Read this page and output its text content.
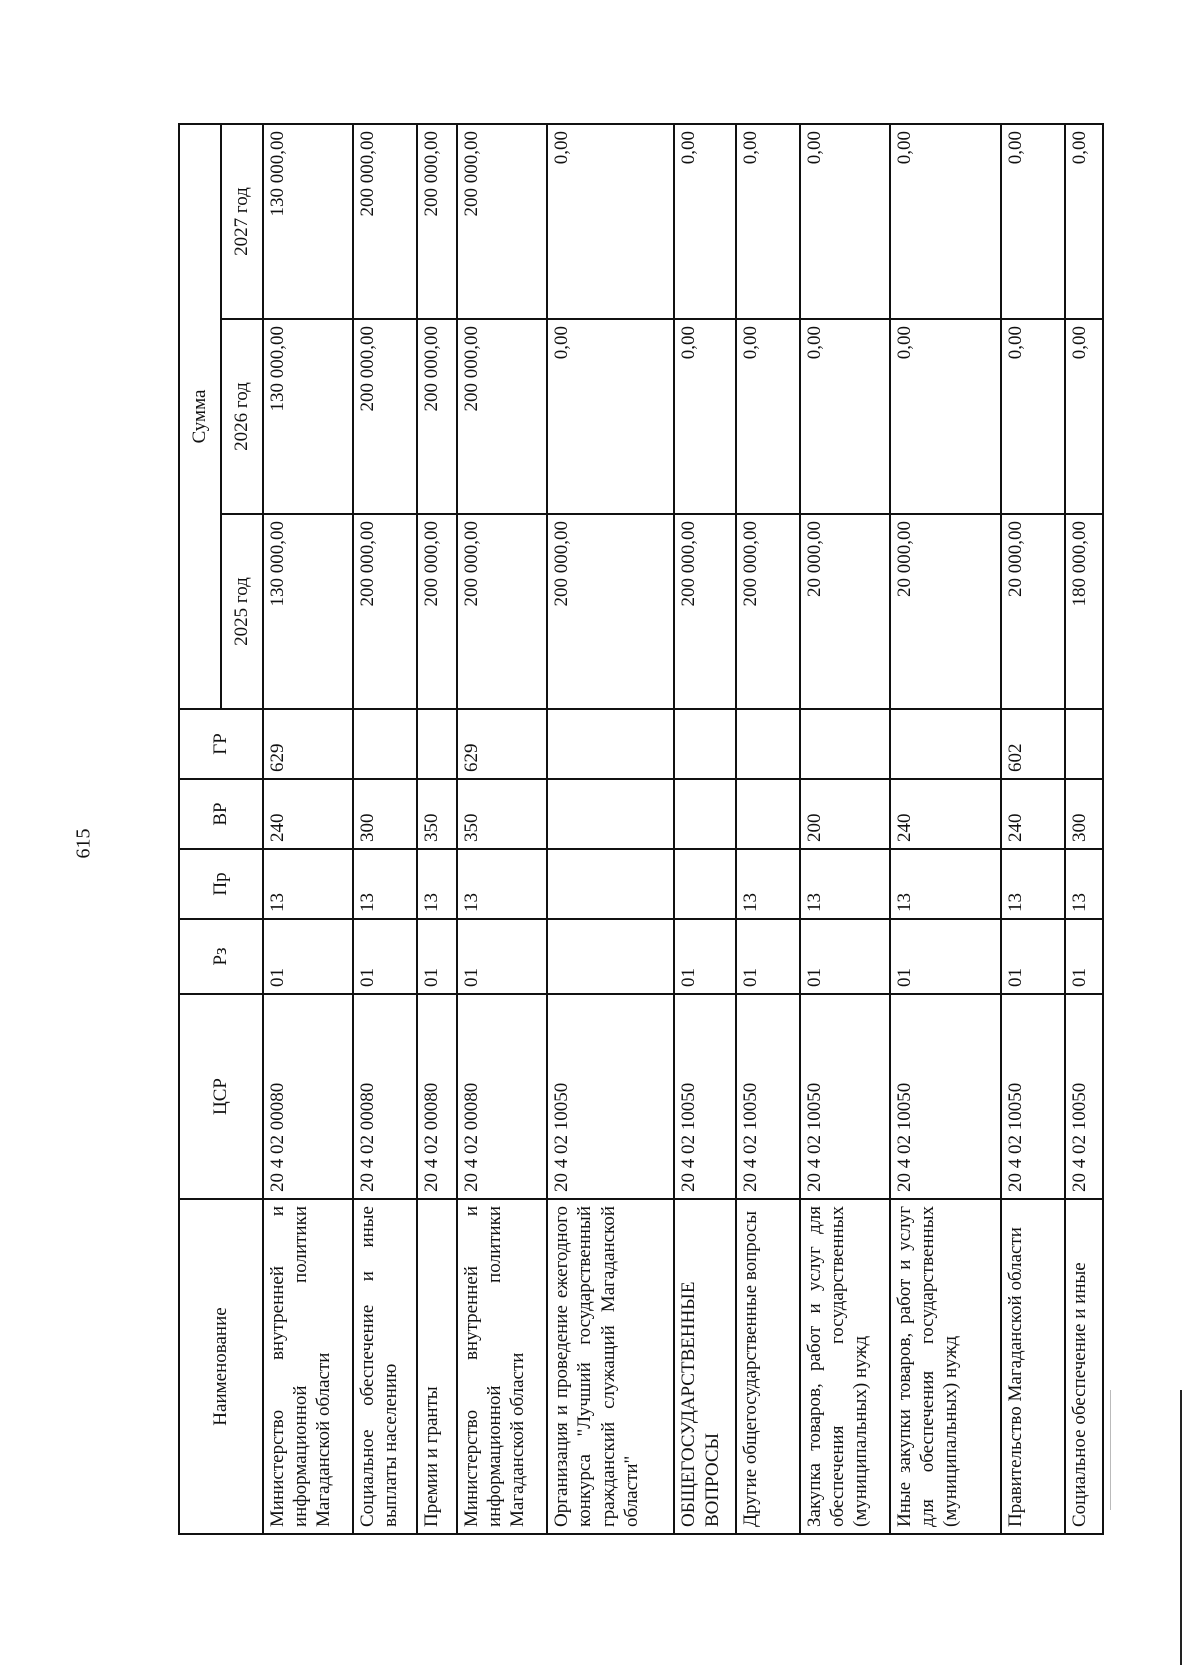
615
Наименование	ЦСР	Рз	Пр	ВР	ГР	Сумма		
						2025 год	2026 год	2027 год
Министерство внутренней и информационной политики Магаданской области	20 4 02 00080	01	13	240	629	130 000,00	130 000,00	130 000,00
Социальное обеспечение и иные выплаты населению	20 4 02 00080	01	13	300		200 000,00	200 000,00	200 000,00
Премии и гранты	20 4 02 00080	01	13	350		200 000,00	200 000,00	200 000,00
Министерство внутренней и информационной политики Магаданской области	20 4 02 00080	01	13	350	629	200 000,00	200 000,00	200 000,00
Организация и проведение ежегодного конкурса "Лучший государственный гражданский служащий Магаданской области"	20 4 02 10050					200 000,00	0,00	0,00
ОБЩЕГОСУДАРСТВЕННЫЕ ВОПРОСЫ	20 4 02 10050	01				200 000,00	0,00	0,00
Другие общегосударственные вопросы	20 4 02 10050	01	13			200 000,00	0,00	0,00
Закупка товаров, работ и услуг для обеспечения государственных (муниципальных) нужд	20 4 02 10050	01	13	200		20 000,00	0,00	0,00
Иные закупки товаров, работ и услуг для обеспечения государственных (муниципальных) нужд	20 4 02 10050	01	13	240		20 000,00	0,00	0,00
Правительство Магаданской области	20 4 02 10050	01	13	240	602	20 000,00	0,00	0,00
Социальное обеспечение и иные	20 4 02 10050	01	13	300		180 000,00	0,00	0,00
